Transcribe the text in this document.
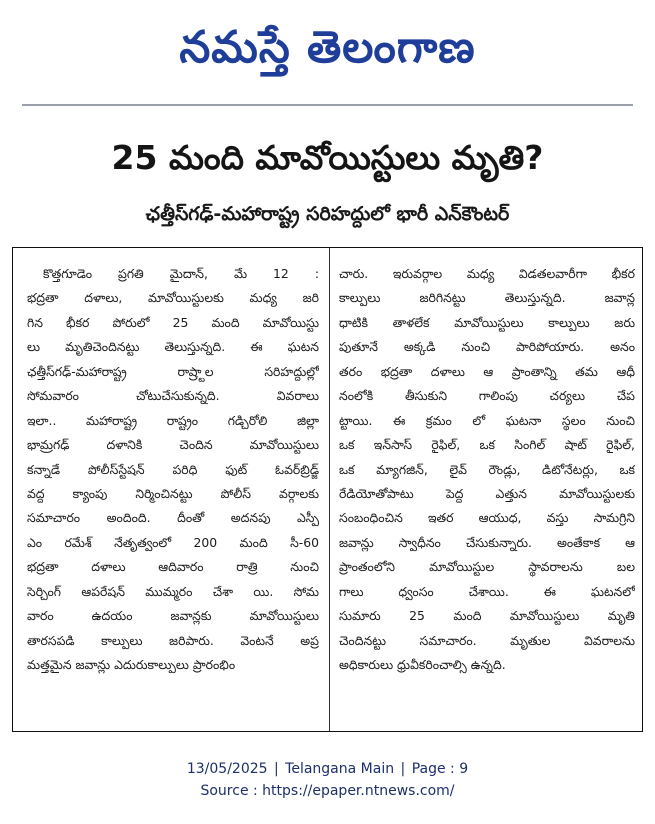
నమస్తే తెలంగాణ
25 మంది మావోయిస్టులు మృతి?
ఛత్తీస్‌గఢ్-మహారాష్ట్ర సరిహద్దులో భారీ ఎన్‌కౌంటర్
కొత్తగూడెం ప్రగతి మైదాన్, మే 12 :
భద్రతా దళాలు, మావోయిస్టులకు మధ్య జరి
గిన భీకర పోరులో 25 మంది మావోయిస్టు
లు మృతిచెందినట్టు తెలుస్తున్నది. ఈ ఘటన
ఛత్తీస్‌గఢ్-మహారాష్ట్ర రాష్ర్టాల సరిహద్దుల్లో
సోమవారం చోటుచేసుకున్నది. వివరాలు
ఇలా.. మహారాష్ట్ర రాష్ట్రం గడ్చిరోలి జిల్లా
భామ్రగఢ్ దళానికి చెందిన మావోయిస్టులు
కన్నాడే పోలీస్‌స్టేషన్ పరిధి ఫుట్ ఓవర్‌బ్రిడ్జ్
వద్ద క్యాంపు నిర్మించినట్టు పోలీస్ వర్గాలకు
సమాచారం అందింది. దీంతో అదనపు ఎస్పీ
ఎం రమేశ్ నేతృత్వంలో 200 మంది సీ-60
భద్రతా దళాలు ఆదివారం రాత్రి నుంచి
సెర్చింగ్ ఆపరేషన్ ముమ్మరం చేశా యి. సోమ
వారం ఉదయం జవాన్లకు మావోయిస్టులు
తారసపడి కాల్పులు జరిపారు. వెంటనే అప్ర
మత్తమైన జవాన్లు ఎదురుకాల్పులు ప్రారంభిం
చారు. ఇరువర్గాల మధ్య విడతలవారీగా భీకర
కాల్పులు జరిగినట్టు తెలుస్తున్నది. జవాన్ల
ధాటికి తాళలేక మావోయిస్టులు కాల్పులు జరు
పుతూనే అక్కడి నుంచి పారిపోయారు. అనం
తరం భద్రతా దళాలు ఆ ప్రాంతాన్ని తమ ఆధీ
నంలోకి తీసుకుని గాలింపు చర్యలు చేప
ట్టాయి. ఈ క్రమం లో ఘటనా స్థలం నుంచి
ఒక ఇన్‌సాస్ రైఫిల్, ఒక సింగిల్ షాట్ రైఫిల్,
ఒక మ్యాగజిన్, లైవ్ రౌండ్లు, డిటోనేటర్లు, ఒక
రేడియోతోపాటు పెద్ద ఎత్తున మావోయిస్టులకు
సంబంధించిన ఇతర ఆయుధ, వస్తు సామగ్రిని
జవాన్లు స్వాధీనం చేసుకున్నారు. అంతేకాక ఆ
ప్రాంతంలోని మావోయిస్టుల స్థావరాలను బల
గాలు ధ్వంసం చేశాయి. ఈ ఘటనలో
సుమారు 25 మంది మావోయిస్టులు మృతి
చెందినట్టు సమాచారం. మృతుల వివరాలను
అధికారులు ధ్రువీకరించాల్సి ఉన్నది.
13/05/2025 | Telangana Main | Page : 9
Source : https://epaper.ntnews.com/
